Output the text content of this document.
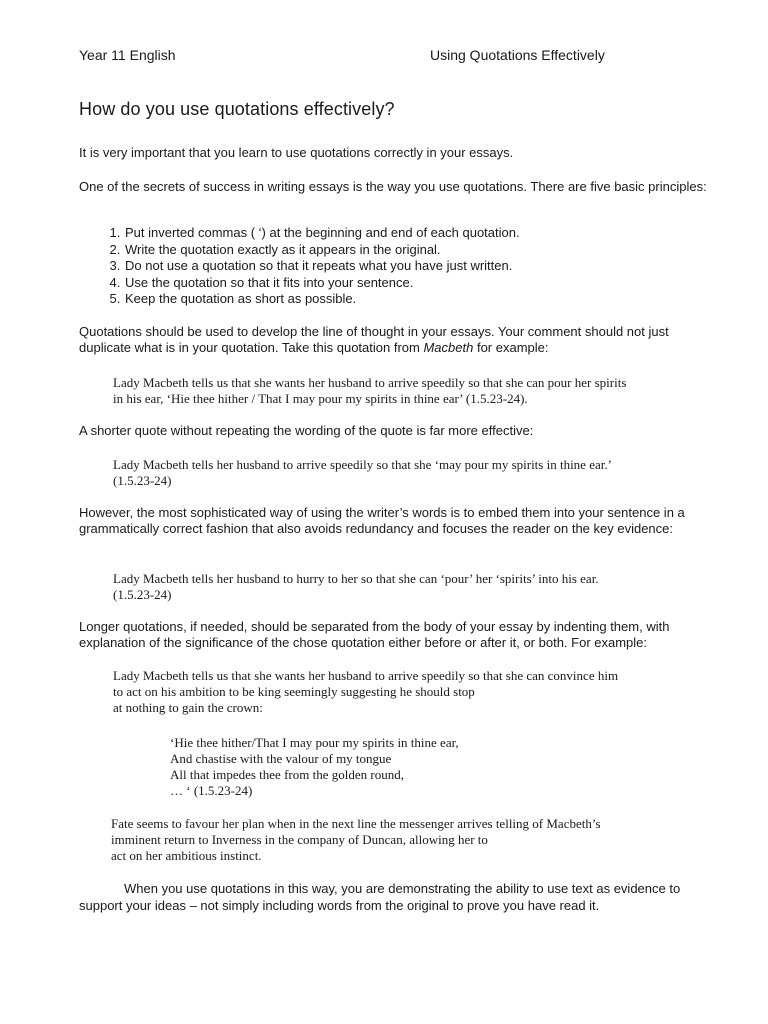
Year 11 English	Using Quotations Effectively
How do you use quotations effectively?

It is very important that you learn to use quotations correctly in your essays.

One of the secrets of success in writing essays is the way you use quotations. There are five basic principles:

1. Put inverted commas ( ‘) at the beginning and end of each quotation.
2. Write the quotation exactly as it appears in the original.
3. Do not use a quotation so that it repeats what you have just written.
4. Use the quotation so that it fits into your sentence.
5. Keep the quotation as short as possible.

Quotations should be used to develop the line of thought in your essays. Your comment should not just duplicate what is in your quotation. Take this quotation from Macbeth for example:

Lady Macbeth tells us that she wants her husband to arrive speedily so that she can pour her spirits
in his ear, ‘Hie thee hither / That I may pour my spirits in thine ear’ (1.5.23-24).

A shorter quote without repeating the wording of the quote is far more effective:

Lady Macbeth tells her husband to arrive speedily so that she ‘may pour my spirits in thine ear.’
(1.5.23-24)

However, the most sophisticated way of using the writer’s words is to embed them into your sentence in a grammatically correct fashion that also avoids redundancy and focuses the reader on the key evidence:

Lady Macbeth tells her husband to hurry to her so that she can ‘pour’ her ‘spirits’ into his ear.
(1.5.23-24)

Longer quotations, if needed, should be separated from the body of your essay by indenting them, with explanation of the significance of the chose quotation either before or after it, or both. For example:

Lady Macbeth tells us that she wants her husband to arrive speedily so that she can convince him
to act on his ambition to be king seemingly suggesting he should stop
at nothing to gain the crown:
‘Hie thee hither/That I may pour my spirits in thine ear,
And chastise with the valour of my tongue
All that impedes thee from the golden round,
… ‘ (1.5.23-24)
Fate seems to favour her plan when in the next line the messenger arrives telling of Macbeth’s
imminent return to Inverness in the company of Duncan, allowing her to
act on her ambitious instinct.

When you use quotations in this way, you are demonstrating the ability to use text as evidence to support your ideas – not simply including words from the original to prove you have read it.
